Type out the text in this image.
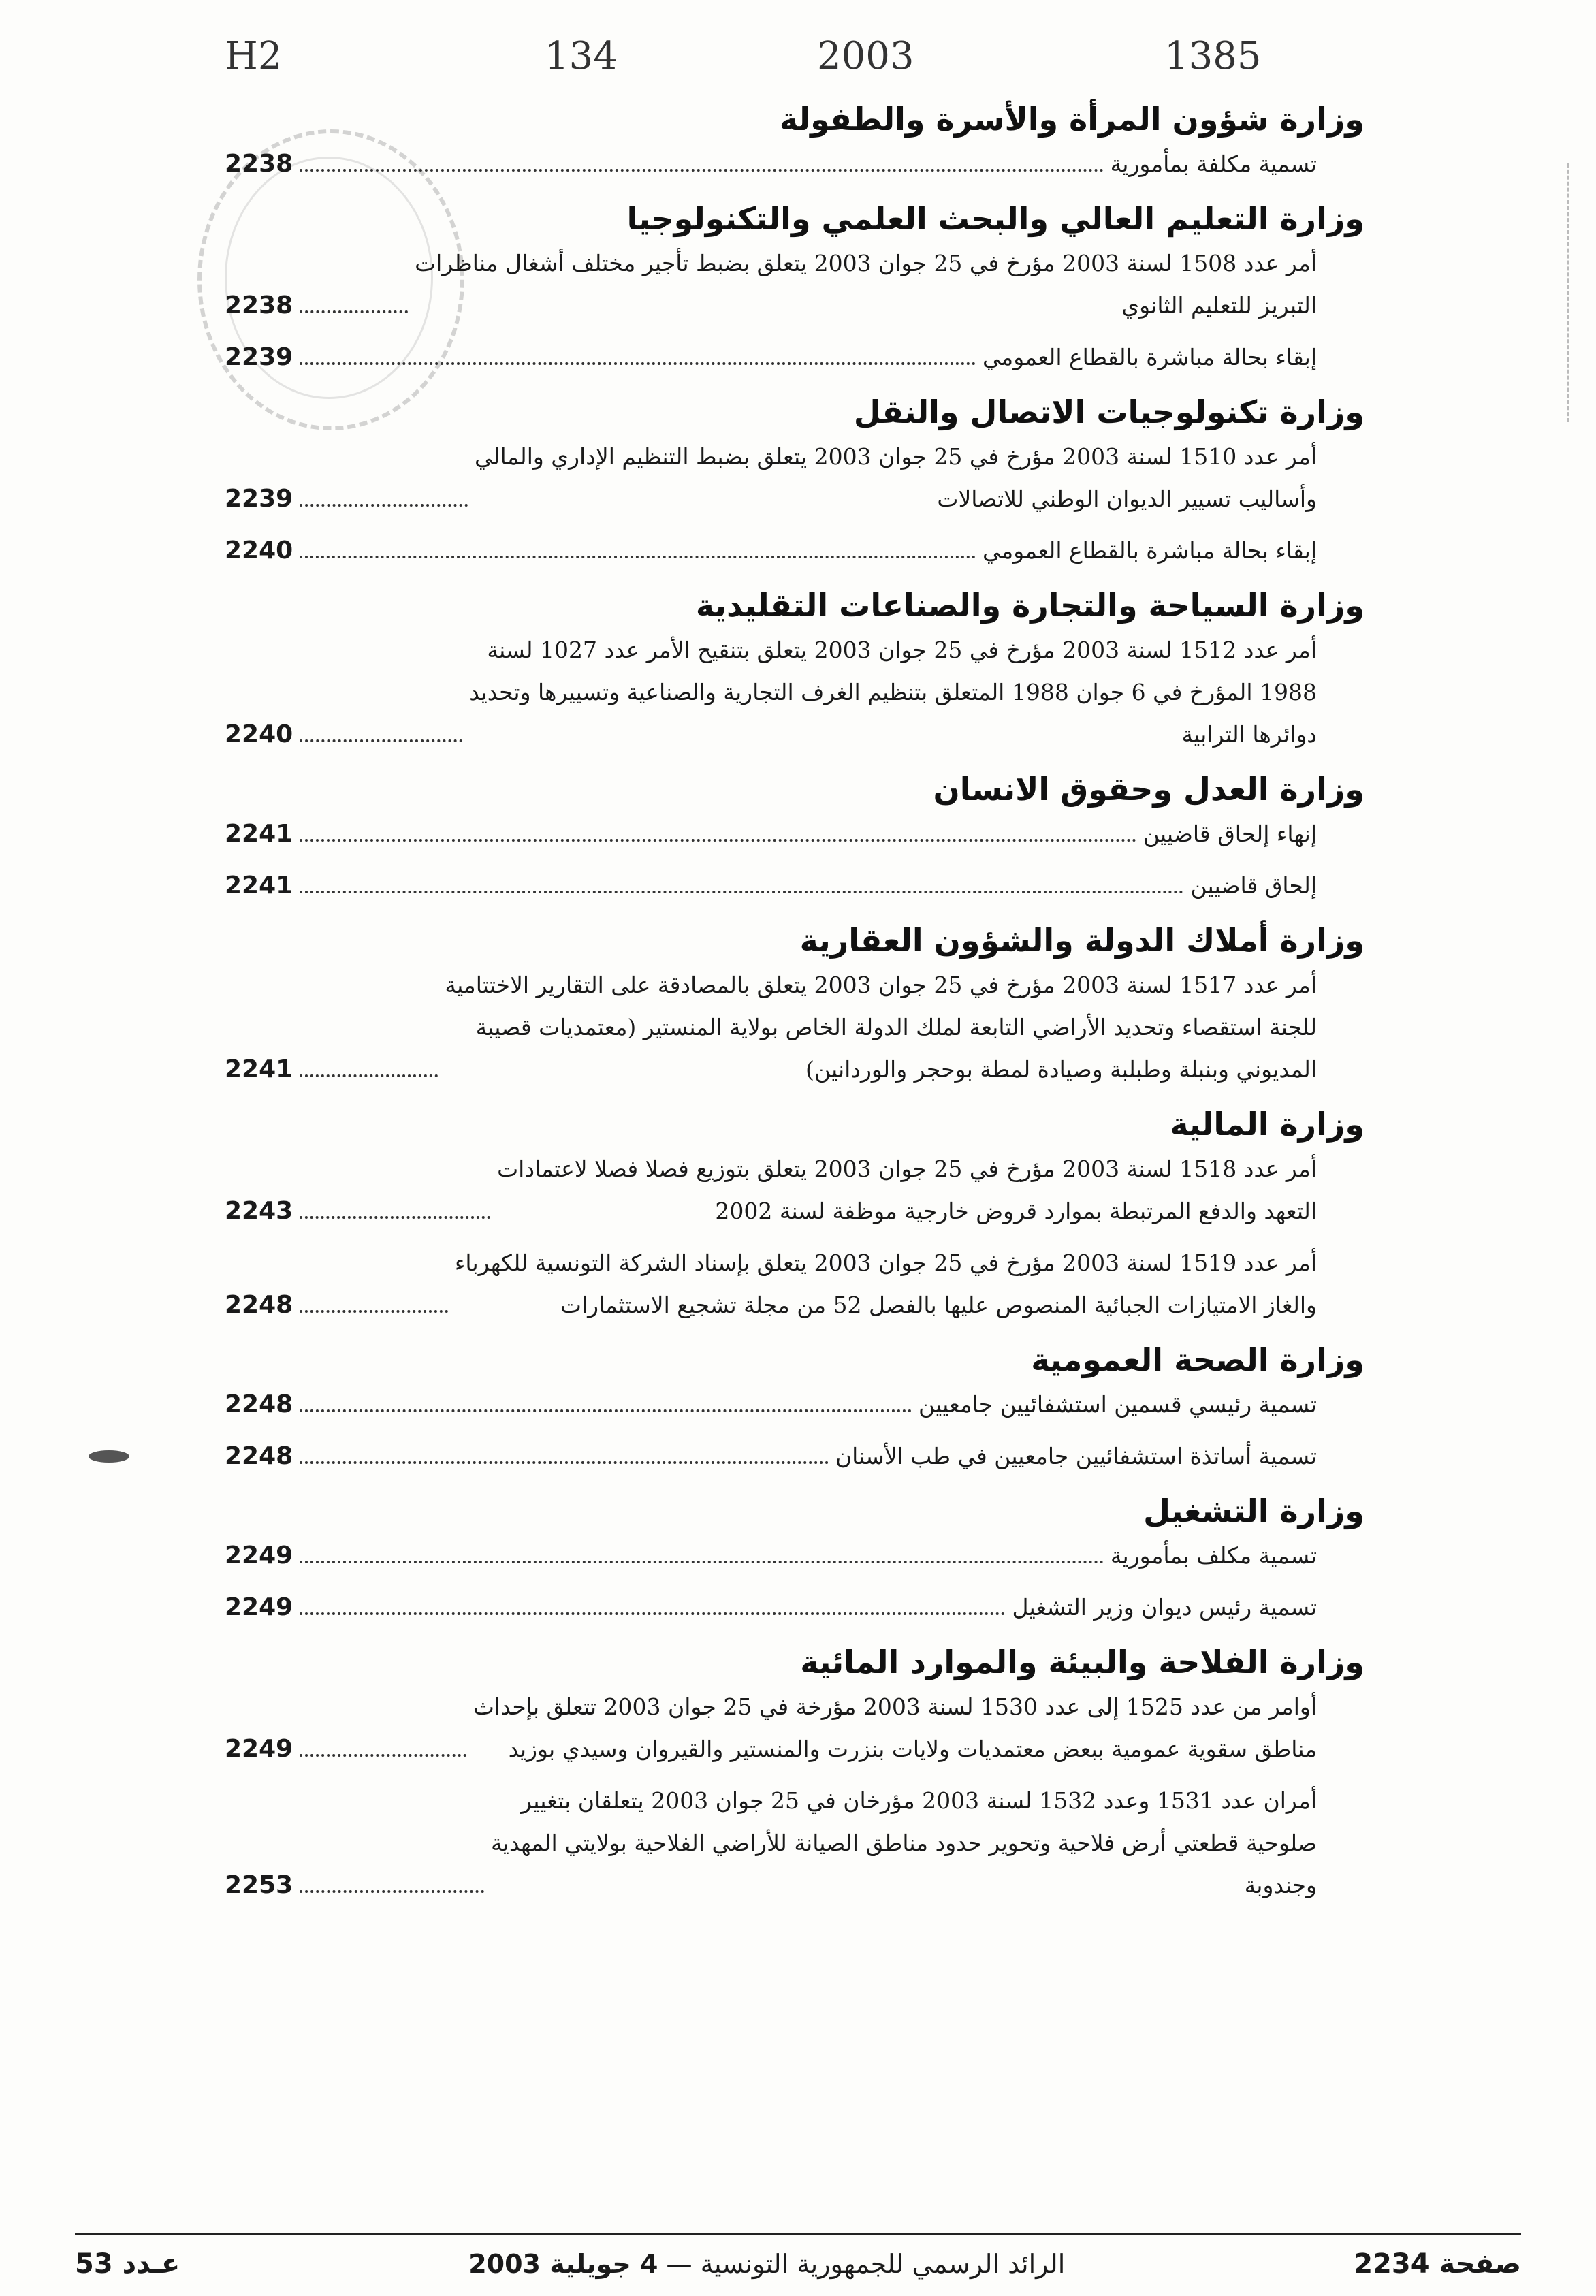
H2	134	2003	1385
وزارة شؤون المرأة والأسرة والطفولة
تسمية مكلفة بمأمورية
2238
وزارة التعليم العالي والبحث العلمي والتكنولوجيا
أمر عدد 1508 لسنة 2003 مؤرخ في 25 جوان 2003 يتعلق بضبط تأجير مختلف أشغال مناظرات
التبريز للتعليم الثانوي
2238
إبقاء بحالة مباشرة بالقطاع العمومي
2239
وزارة تكنولوجيات الاتصال والنقل
أمر عدد 1510 لسنة 2003 مؤرخ في 25 جوان 2003 يتعلق بضبط التنظيم الإداري والمالي
وأساليب تسيير الديوان الوطني للاتصالات
2239
إبقاء بحالة مباشرة بالقطاع العمومي
2240
وزارة السياحة والتجارة والصناعات التقليدية
أمر عدد 1512 لسنة 2003 مؤرخ في 25 جوان 2003 يتعلق بتنقيح الأمر عدد 1027 لسنة
1988 المؤرخ في 6 جوان 1988 المتعلق بتنظيم الغرف التجارية والصناعية وتسييرها وتحديد
دوائرها الترابية
2240
وزارة العدل وحقوق الانسان
إنهاء إلحاق قاضيين
2241
إلحاق قاضيين
2241
وزارة أملاك الدولة والشؤون العقارية
أمر عدد 1517 لسنة 2003 مؤرخ في 25 جوان 2003 يتعلق بالمصادقة على التقارير الاختتامية
للجنة استقصاء وتحديد الأراضي التابعة لملك الدولة الخاص بولاية المنستير (معتمديات قصيبة
المديوني وبنبلة وطبلبة وصيادة لمطة بوحجر والوردانين)
2241
وزارة المالية
أمر عدد 1518 لسنة 2003 مؤرخ في 25 جوان 2003 يتعلق بتوزيع فصلا فصلا لاعتمادات
التعهد والدفع المرتبطة بموارد قروض خارجية موظفة لسنة 2002
2243
أمر عدد 1519 لسنة 2003 مؤرخ في 25 جوان 2003 يتعلق بإسناد الشركة التونسية للكهرباء
والغاز الامتيازات الجبائية المنصوص عليها بالفصل 52 من مجلة تشجيع الاستثمارات
2248
وزارة الصحة العمومية
تسمية رئيسي قسمين استشفائيين جامعيين
2248
تسمية أساتذة استشفائيين جامعيين في طب الأسنان
2248
وزارة التشغيل
تسمية مكلف بمأمورية
2249
تسمية رئيس ديوان وزير التشغيل
2249
وزارة الفلاحة والبيئة والموارد المائية
أوامر من عدد 1525 إلى عدد 1530 لسنة 2003 مؤرخة في 25 جوان 2003 تتعلق بإحداث
مناطق سقوية عمومية ببعض معتمديات ولايات بنزرت والمنستير والقيروان وسيدي بوزيد
2249
أمران عدد 1531 وعدد 1532 لسنة 2003 مؤرخان في 25 جوان 2003 يتعلقان بتغيير
صلوحية قطعتي أرض فلاحية وتحوير حدود مناطق الصيانة للأراضي الفلاحية بولايتي المهدية
وجندوبة
2253
صفحة 2234
الرائد الرسمي للجمهورية التونسية — 4 جويلية 2003
عـدد 53
